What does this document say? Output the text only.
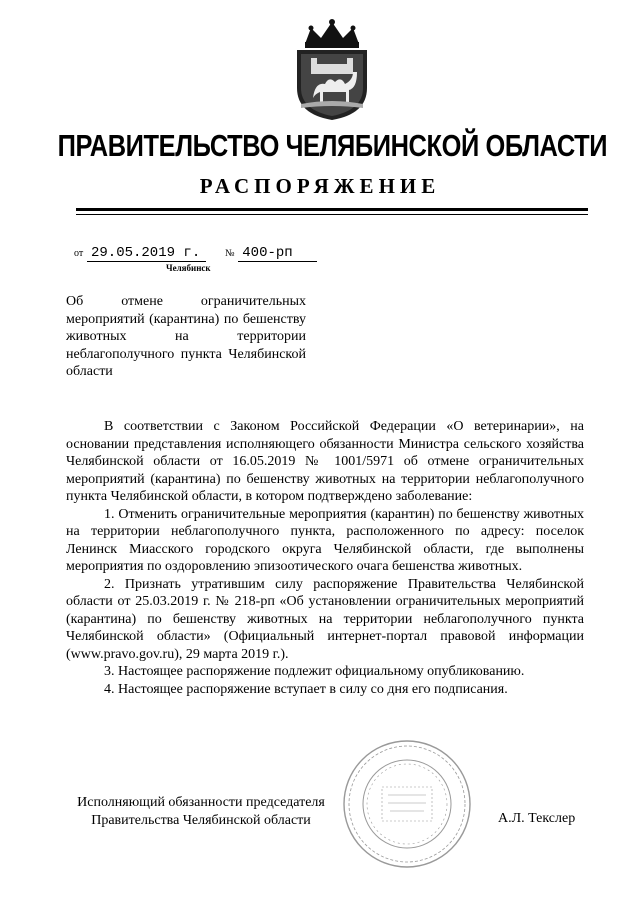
ПРАВИТЕЛЬСТВО ЧЕЛЯБИНСКОЙ ОБЛАСТИ
РАСПОРЯЖЕНИЕ
от 29.05.2019 г. № 400-рп
Челябинск
Об отмене ограничительных мероприятий (карантина) по бешенству животных на территории неблагополучного пункта Челябинской области

В соответствии с Законом Российской Федерации «О ветеринарии», на основании представления исполняющего обязанности Министра сельского хозяйства Челябинской области от 16.05.2019 № 1001/5971 об отмене ограничительных мероприятий (карантина) по бешенству животных на территории неблагополучного пункта Челябинской области, в котором подтверждено заболевание:

1. Отменить ограничительные мероприятия (карантин) по бешенству животных на территории неблагополучного пункта, расположенного по адресу: поселок Ленинск Миасского городского округа Челябинской области, где выполнены мероприятия по оздоровлению эпизоотического очага бешенства животных.

2. Признать утратившим силу распоряжение Правительства Челябинской области от 25.03.2019 г. № 218-рп «Об установлении ограничительных мероприятий (карантина) по бешенству животных на территории неблагополучного пункта Челябинской области» (Официальный интернет-портал правовой информации (www.pravo.gov.ru), 29 марта 2019 г.).

3. Настоящее распоряжение подлежит официальному опубликованию.

4. Настоящее распоряжение вступает в силу со дня его подписания.

Исполняющий обязанности председателя
Правительства Челябинской области	А.Л. Текслер
